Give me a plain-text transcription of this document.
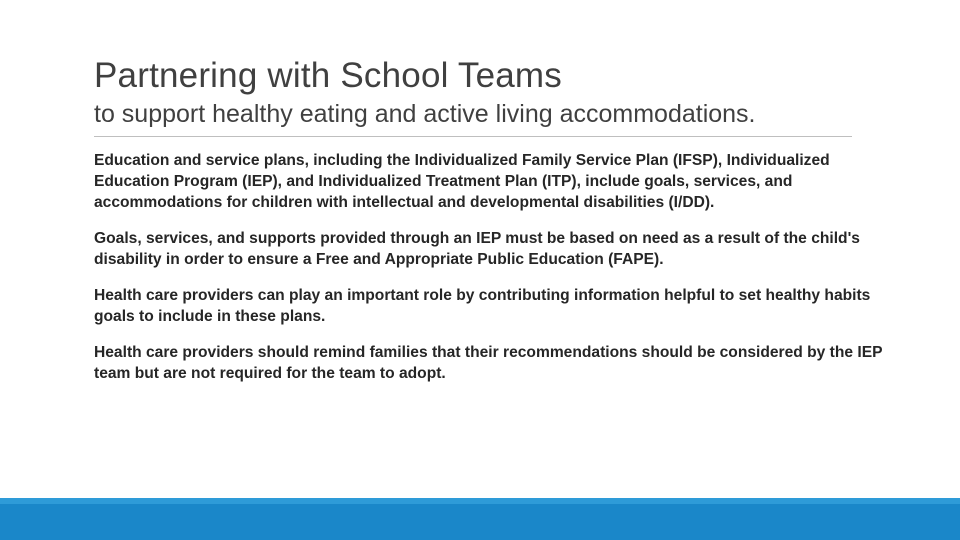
Partnering with School Teams
to support healthy eating and active living accommodations.

Education and service plans, including the Individualized Family Service Plan (IFSP), Individualized Education Program (IEP), and Individualized Treatment Plan (ITP), include goals, services, and accommodations for children with intellectual and developmental disabilities (I/DD).

Goals, services, and supports provided through an IEP must be based on need as a result of the child's disability in order to ensure a Free and Appropriate Public Education (FAPE).

Health care providers can play an important role by contributing information helpful to set healthy habits goals to include in these plans.

Health care providers should remind families that their recommendations should be considered by the IEP team but are not required for the team to adopt.
